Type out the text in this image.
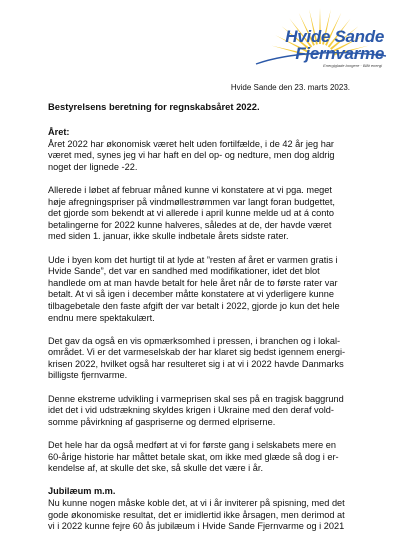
Hvide Sande
Fjernvarme
Energiglade borgere · Blåt energi
Hvide Sande den 23. marts 2023.
Bestyrelsens beretning for regnskabsåret 2022.

Året:

Året 2022 har økonomisk været helt uden fortilfælde, i de 42 år jeg har
været med, synes jeg vi har haft en del op- og nedture, men dog aldrig
noget der lignede -22.

Allerede i løbet af februar måned kunne vi konstatere at vi pga. meget
høje afregningspriser på vindmøllestrømmen var langt foran budgettet,
det gjorde som bekendt at vi allerede i april kunne melde ud at á conto
betalingerne for 2022 kunne halveres, således at de, der havde været
med siden 1. januar, ikke skulle indbetale årets sidste rater.

Ude i byen kom det hurtigt til at lyde at ”resten af året er varmen gratis i
Hvide Sande”, det var en sandhed med modifikationer, idet det blot
handlede om at man havde betalt for hele året når de to første rater var
betalt. At vi så igen i december måtte konstatere at vi yderligere kunne
tilbagebetale den faste afgift der var betalt i 2022, gjorde jo kun det hele
endnu mere spektakulært.

Det gav da også en vis opmærksomhed i pressen, i branchen og i lokal-
området. Vi er det varmeselskab der har klaret sig bedst igennem energi-
krisen 2022, hvilket også har resulteret sig i at vi i 2022 havde Danmarks
billigste fjernvarme.

Denne ekstreme udvikling i varmeprisen skal ses på en tragisk baggrund
idet det i vid udstrækning skyldes krigen i Ukraine med den deraf vold-
somme påvirkning af gaspriserne og dermed elpriserne.

Det hele har da også medført at vi for første gang i selskabets mere en
60-årige historie har måttet betale skat, om ikke med glæde så dog i er-
kendelse af, at skulle det ske, så skulle det være i år.

Jubilæum m.m.

Nu kunne nogen måske koble det, at vi i år inviterer på spisning, med det
gode økonomiske resultat, det er imidlertid ikke årsagen, men derimod at
vi i 2022 kunne fejre 60 ås jubilæum i Hvide Sande Fjernvarme og i 2021
